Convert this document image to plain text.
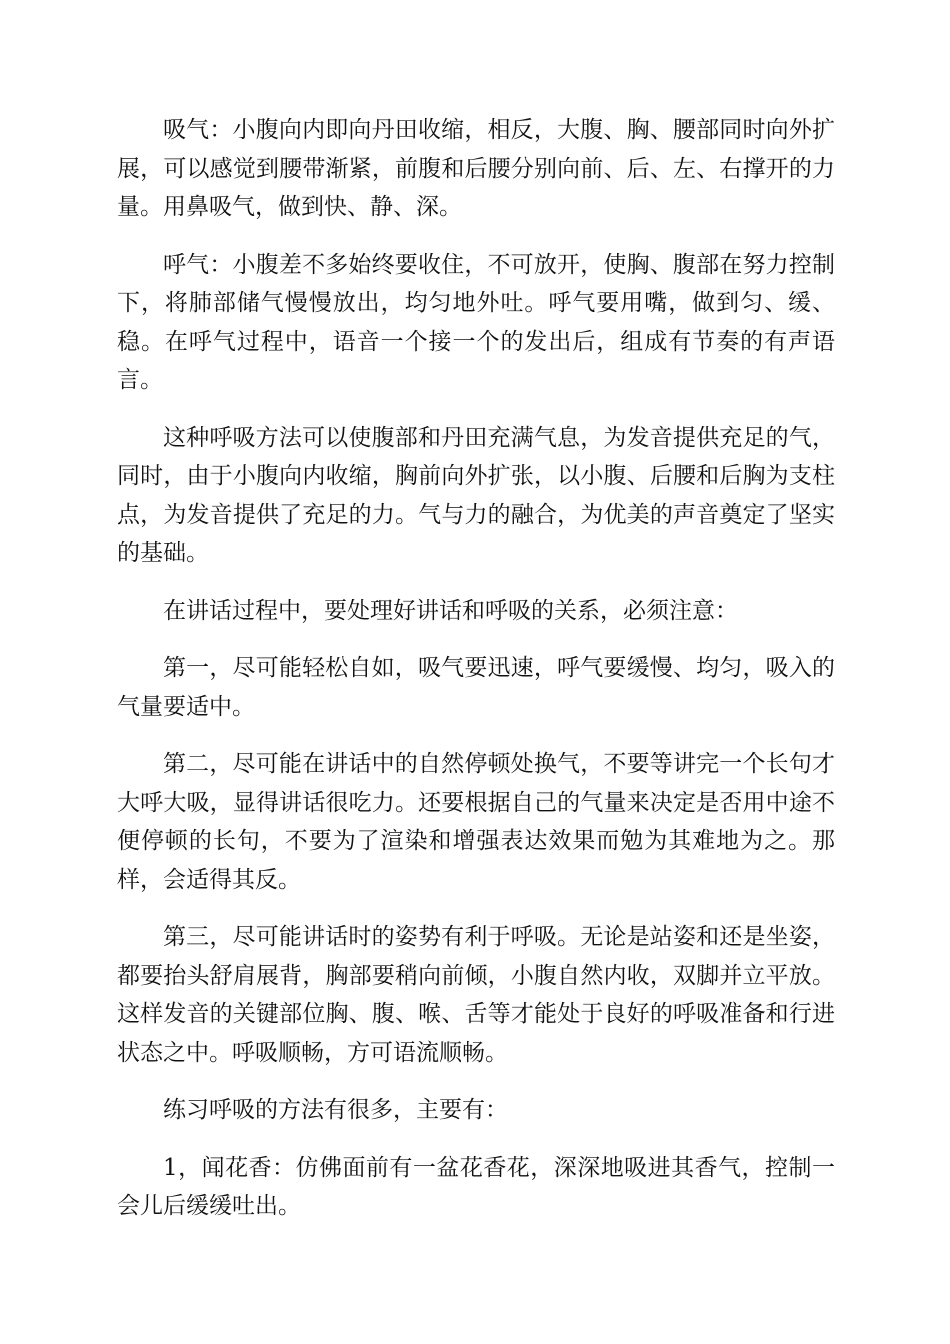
吸气：小腹向内即向丹田收缩，相反，大腹、胸、腰部同时向外扩展，可以感觉到腰带渐紧，前腹和后腰分别向前、后、左、右撑开的力量。用鼻吸气，做到快、静、深。

呼气：小腹差不多始终要收住，不可放开，使胸、腹部在努力控制下，将肺部储气慢慢放出，均匀地外吐。呼气要用嘴，做到匀、缓、稳。在呼气过程中，语音一个接一个的发出后，组成有节奏的有声语言。

这种呼吸方法可以使腹部和丹田充满气息，为发音提供充足的气，同时，由于小腹向内收缩，胸前向外扩张，以小腹、后腰和后胸为支柱点，为发音提供了充足的力。气与力的融合，为优美的声音奠定了坚实的基础。

在讲话过程中，要处理好讲话和呼吸的关系，必须注意：

第一，尽可能轻松自如，吸气要迅速，呼气要缓慢、均匀，吸入的气量要适中。

第二，尽可能在讲话中的自然停顿处换气，不要等讲完一个长句才大呼大吸，显得讲话很吃力。还要根据自己的气量来决定是否用中途不便停顿的长句，不要为了渲染和增强表达效果而勉为其难地为之。那样，会适得其反。

第三，尽可能讲话时的姿势有利于呼吸。无论是站姿和还是坐姿，都要抬头舒肩展背，胸部要稍向前倾，小腹自然内收，双脚并立平放。这样发音的关键部位胸、腹、喉、舌等才能处于良好的呼吸准备和行进状态之中。呼吸顺畅，方可语流顺畅。

练习呼吸的方法有很多，主要有：

1，闻花香：仿佛面前有一盆花香花，深深地吸进其香气，控制一会儿后缓缓吐出。
